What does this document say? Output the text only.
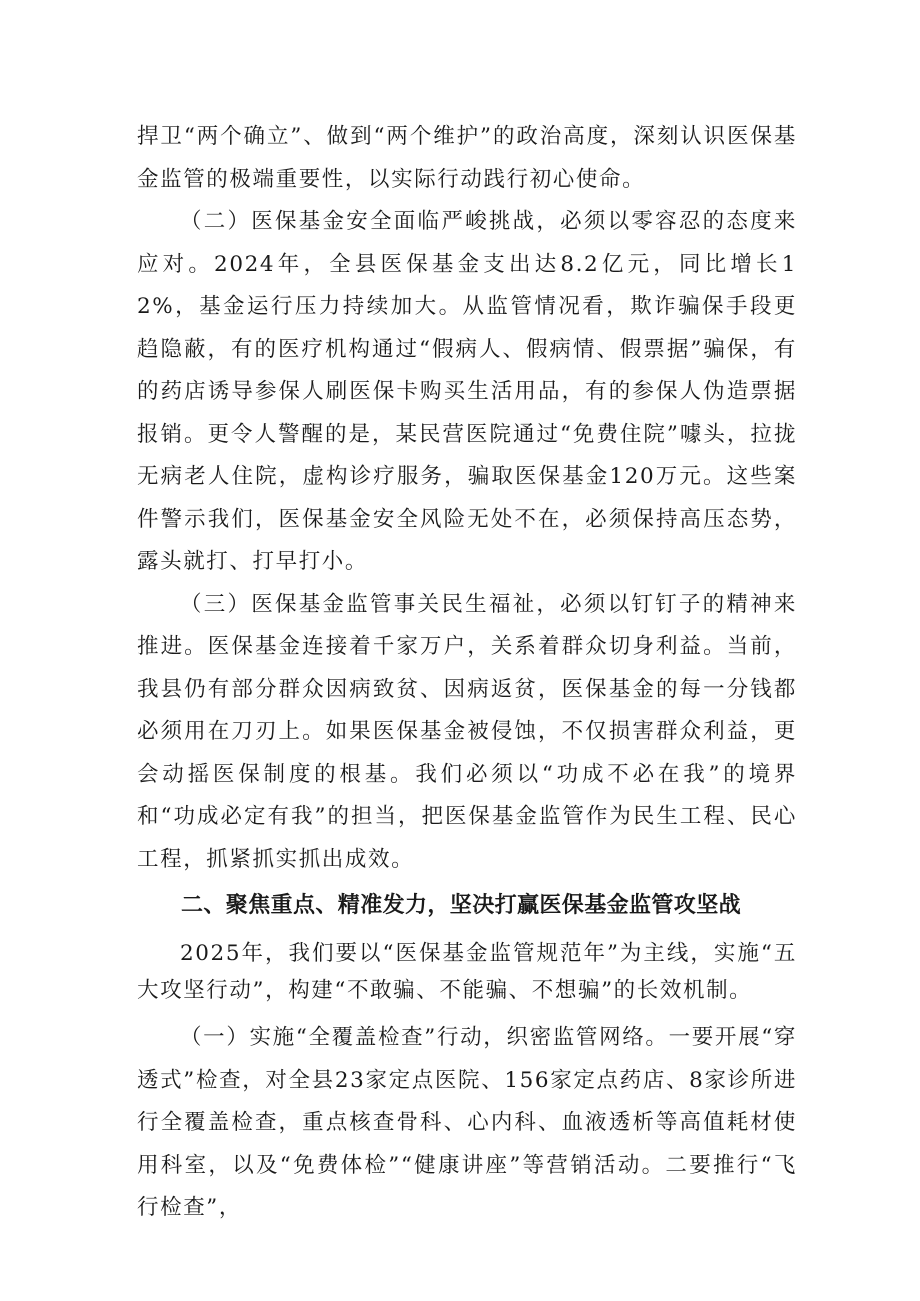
捍卫“两个确立”、做到“两个维护”的政治高度，深刻认识医保基金监管的极端重要性，以实际行动践行初心使命。

（二）医保基金安全面临严峻挑战，必须以零容忍的态度来应对。2024年，全县医保基金支出达8.2亿元，同比增长12%，基金运行压力持续加大。从监管情况看，欺诈骗保手段更趋隐蔽，有的医疗机构通过“假病人、假病情、假票据”骗保，有的药店诱导参保人刷医保卡购买生活用品，有的参保人伪造票据报销。更令人警醒的是，某民营医院通过“免费住院”噱头，拉拢无病老人住院，虚构诊疗服务，骗取医保基金120万元。这些案件警示我们，医保基金安全风险无处不在，必须保持高压态势，露头就打、打早打小。

（三）医保基金监管事关民生福祉，必须以钉钉子的精神来推进。医保基金连接着千家万户，关系着群众切身利益。当前，我县仍有部分群众因病致贫、因病返贫，医保基金的每一分钱都必须用在刀刃上。如果医保基金被侵蚀，不仅损害群众利益，更会动摇医保制度的根基。我们必须以“功成不必在我”的境界和“功成必定有我”的担当，把医保基金监管作为民生工程、民心工程，抓紧抓实抓出成效。

二、聚焦重点、精准发力，坚决打赢医保基金监管攻坚战

2025年，我们要以“医保基金监管规范年”为主线，实施“五大攻坚行动”，构建“不敢骗、不能骗、不想骗”的长效机制。

（一）实施“全覆盖检查”行动，织密监管网络。一要开展“穿透式”检查，对全县23家定点医院、156家定点药店、8家诊所进行全覆盖检查，重点核查骨科、心内科、血液透析等高值耗材使用科室，以及“免费体检”“健康讲座”等营销活动。二要推行“飞行检查”，
